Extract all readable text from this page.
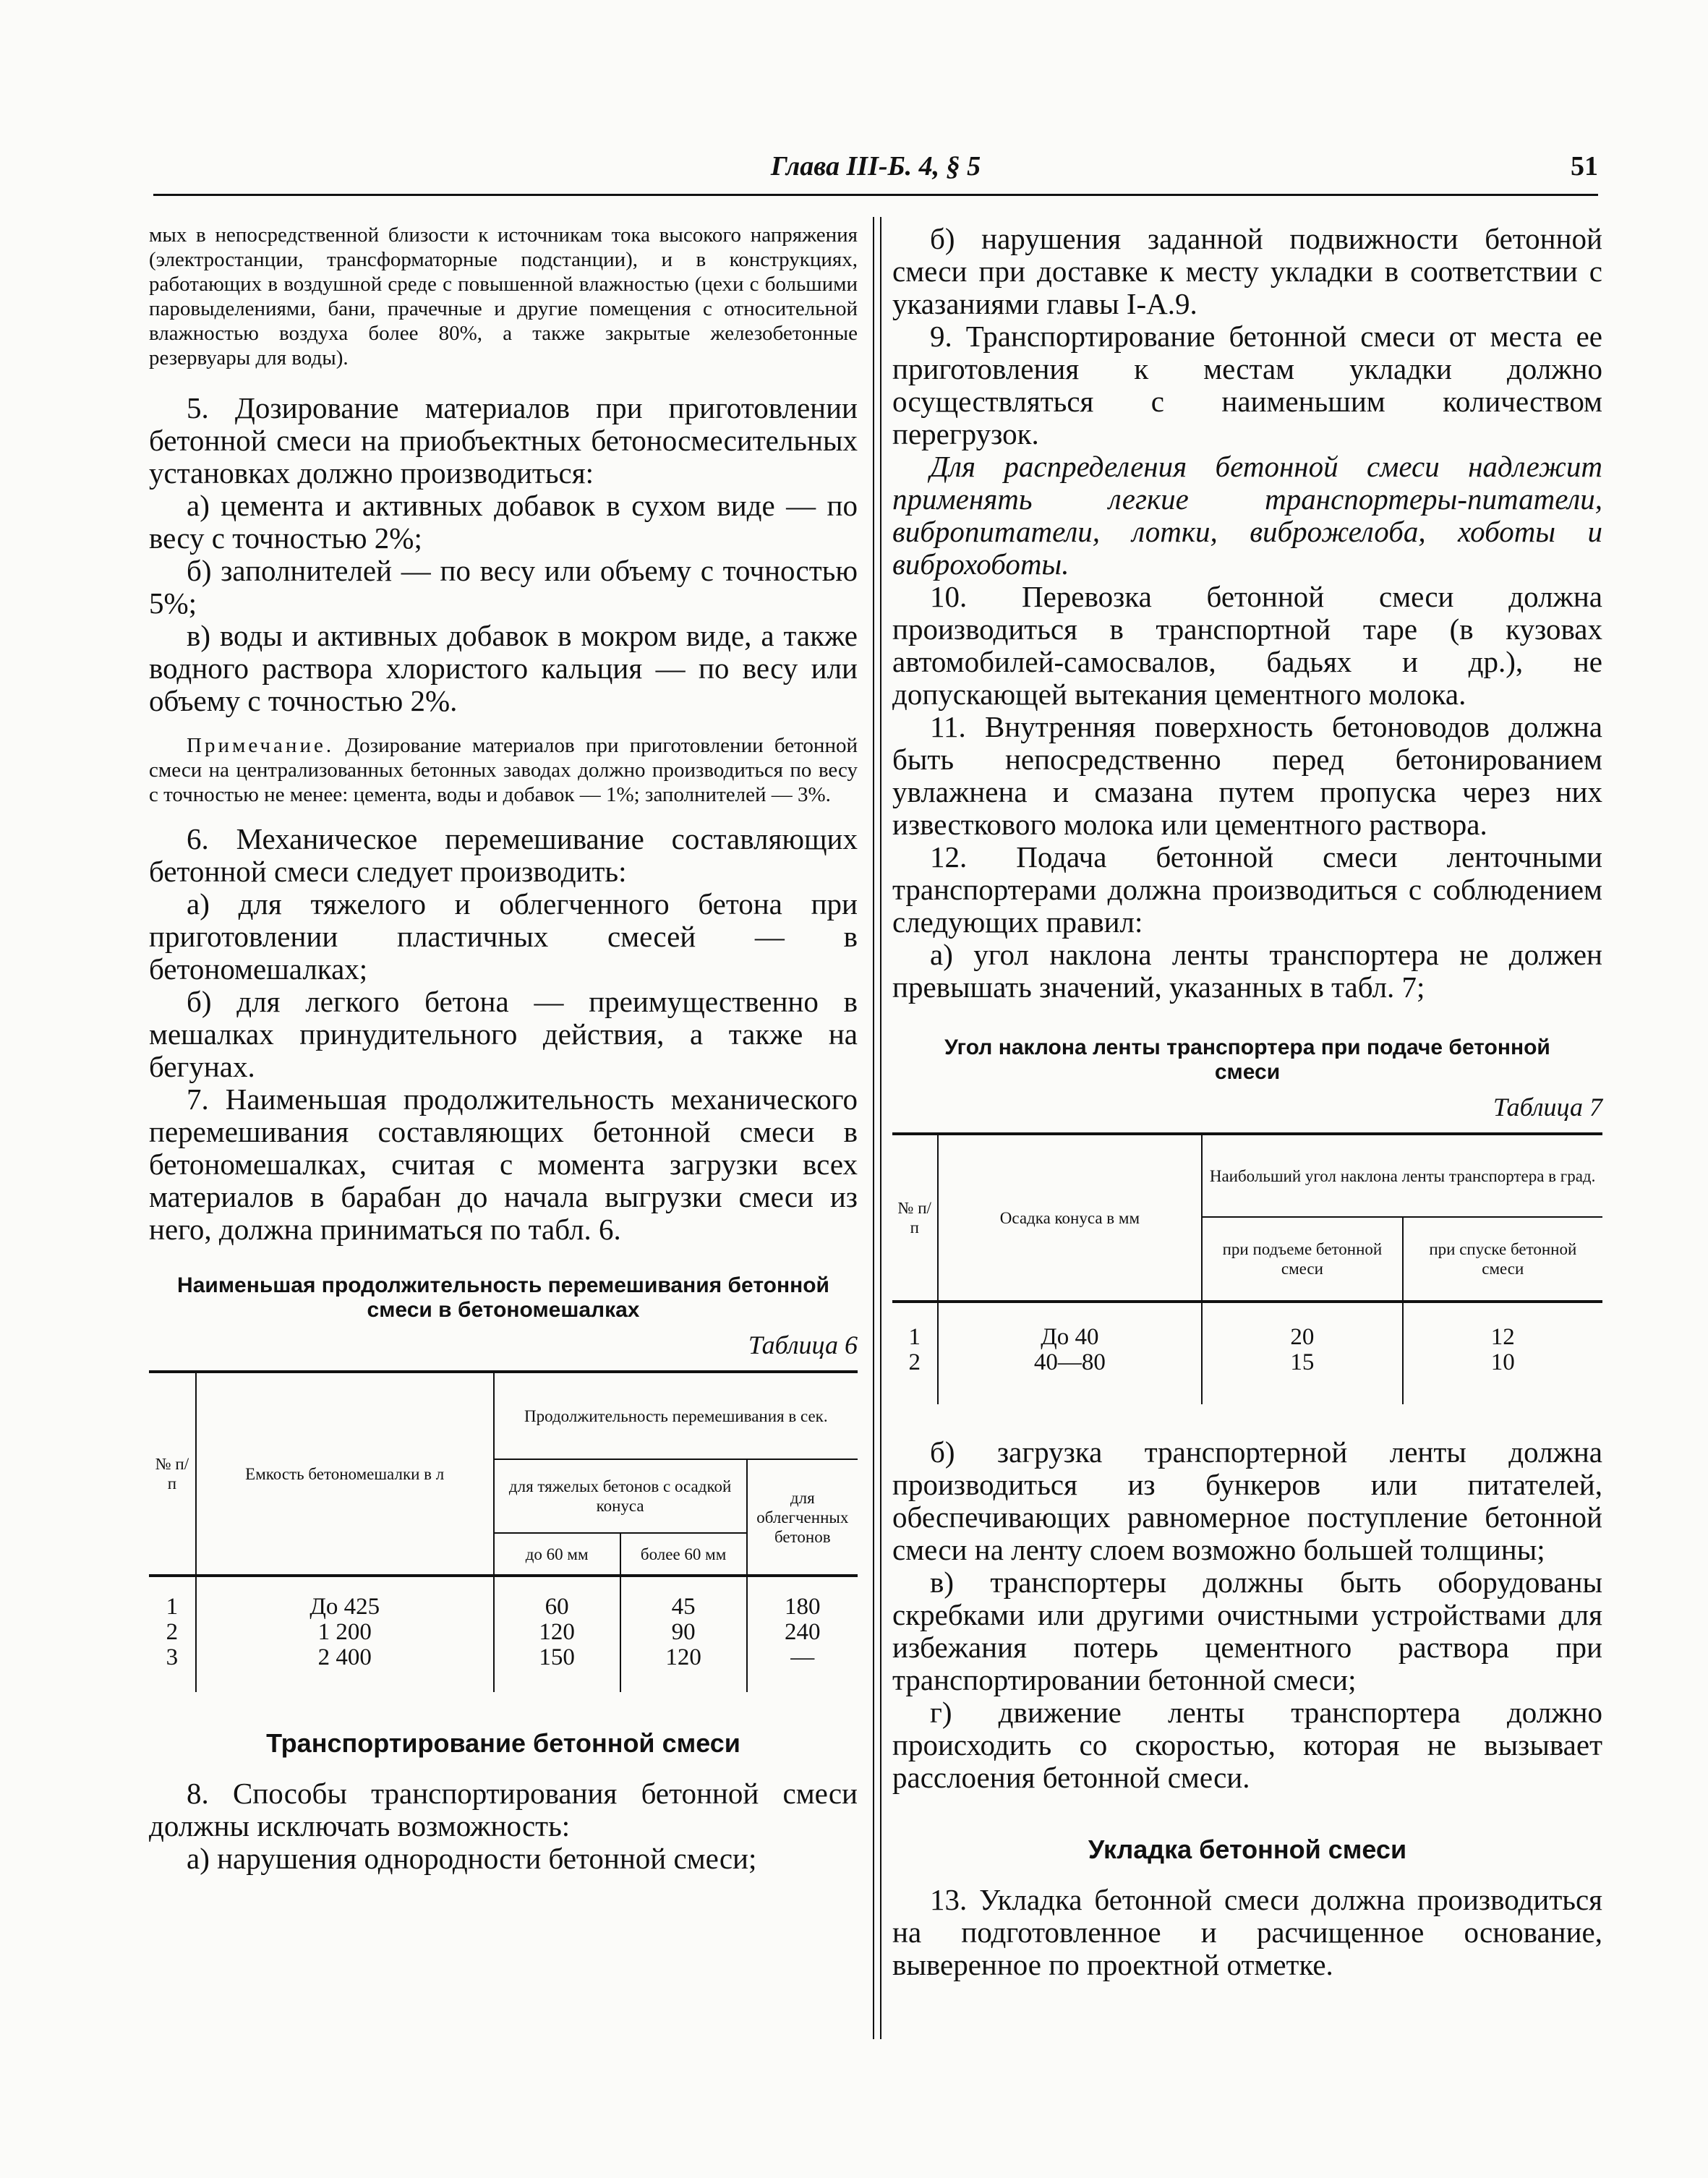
Глава III-Б. 4, § 5	51

мых в непосредственной близости к источникам тока высокого напряжения (электростанции, трансформаторные подстанции), и в конструкциях, работающих в воздушной среде с повышенной влажностью (цехи с большими паровыделениями, бани, прачечные и другие помещения с относительной влажностью воздуха более 80%, а также закрытые железобетонные резервуары для воды).

5. Дозирование материалов при приготовлении бетонной смеси на приобъектных бетоносмесительных установках должно производиться:

а) цемента и активных добавок в сухом виде — по весу с точностью 2%;

б) заполнителей — по весу или объему с точностью 5%;

в) воды и активных добавок в мокром виде, а также водного раствора хлористого кальция — по весу или объему с точностью 2%.

Примечание. Дозирование материалов при приготовлении бетонной смеси на централизованных бетонных заводах должно производиться по весу с точностью не менее: цемента, воды и добавок — 1%; заполнителей — 3%.

6. Механическое перемешивание составляющих бетонной смеси следует производить:

а) для тяжелого и облегченного бетона при приготовлении пластичных смесей — в бетономешалках;

б) для легкого бетона — преимущественно в мешалках принудительного действия, а также на бегунах.

7. Наименьшая продолжительность механического перемешивания составляющих бетонной смеси в бетономешалках, считая с момента загрузки всех материалов в барабан до начала выгрузки смеси из него, должна приниматься по табл. 6.

Наименьшая продолжительность перемешивания бетонной смеси в бетономешалках
Таблица 6
№ п/п	Емкость бетономешалки в л	Продолжительность перемешивания в сек.		
		для тяжелых бетонов с осадкой конуса		для облегченных бетонов
		до 60 мм	более 60 мм	

1	До 425	60	45	180
2	1 200	120	90	240
3	2 400	150	120	—

Транспортирование бетонной смеси

8. Способы транспортирования бетонной смеси должны исключать возможность:

а) нарушения однородности бетонной смеси;

б) нарушения заданной подвижности бетонной смеси при доставке к месту укладки в соответствии с указаниями главы I-А.9.

9. Транспортирование бетонной смеси от места ее приготовления к местам укладки должно осуществляться с наименьшим количеством перегрузок.

Для распределения бетонной смеси надлежит применять легкие транспортеры-питатели, вибропитатели, лотки, виброжелоба, хоботы и виброхоботы.

10. Перевозка бетонной смеси должна производиться в транспортной таре (в кузовах автомобилей-самосвалов, бадьях и др.), не допускающей вытекания цементного молока.

11. Внутренняя поверхность бетоноводов должна быть непосредственно перед бетонированием увлажнена и смазана путем пропуска через них известкового молока или цементного раствора.

12. Подача бетонной смеси ленточными транспортерами должна производиться с соблюдением следующих правил:

а) угол наклона ленты транспортера не должен превышать значений, указанных в табл. 7;

Угол наклона ленты транспортера при подаче бетонной смеси
Таблица 7
№ п/п	Осадка конуса в мм	Наибольший угол наклона ленты транспортера в град.	
		при подъеме бетонной смеси	при спуске бетонной смеси

1	До 40	20	12
2	40—80	15	10

б) загрузка транспортерной ленты должна производиться из бункеров или питателей, обеспечивающих равномерное поступление бетонной смеси на ленту слоем возможно большей толщины;

в) транспортеры должны быть оборудованы скребками или другими очистными устройствами для избежания потерь цементного раствора при транспортировании бетонной смеси;

г) движение ленты транспортера должно происходить со скоростью, которая не вызывает расслоения бетонной смеси.

Укладка бетонной смеси

13. Укладка бетонной смеси должна производиться на подготовленное и расчищенное основание, выверенное по проектной отметке.
